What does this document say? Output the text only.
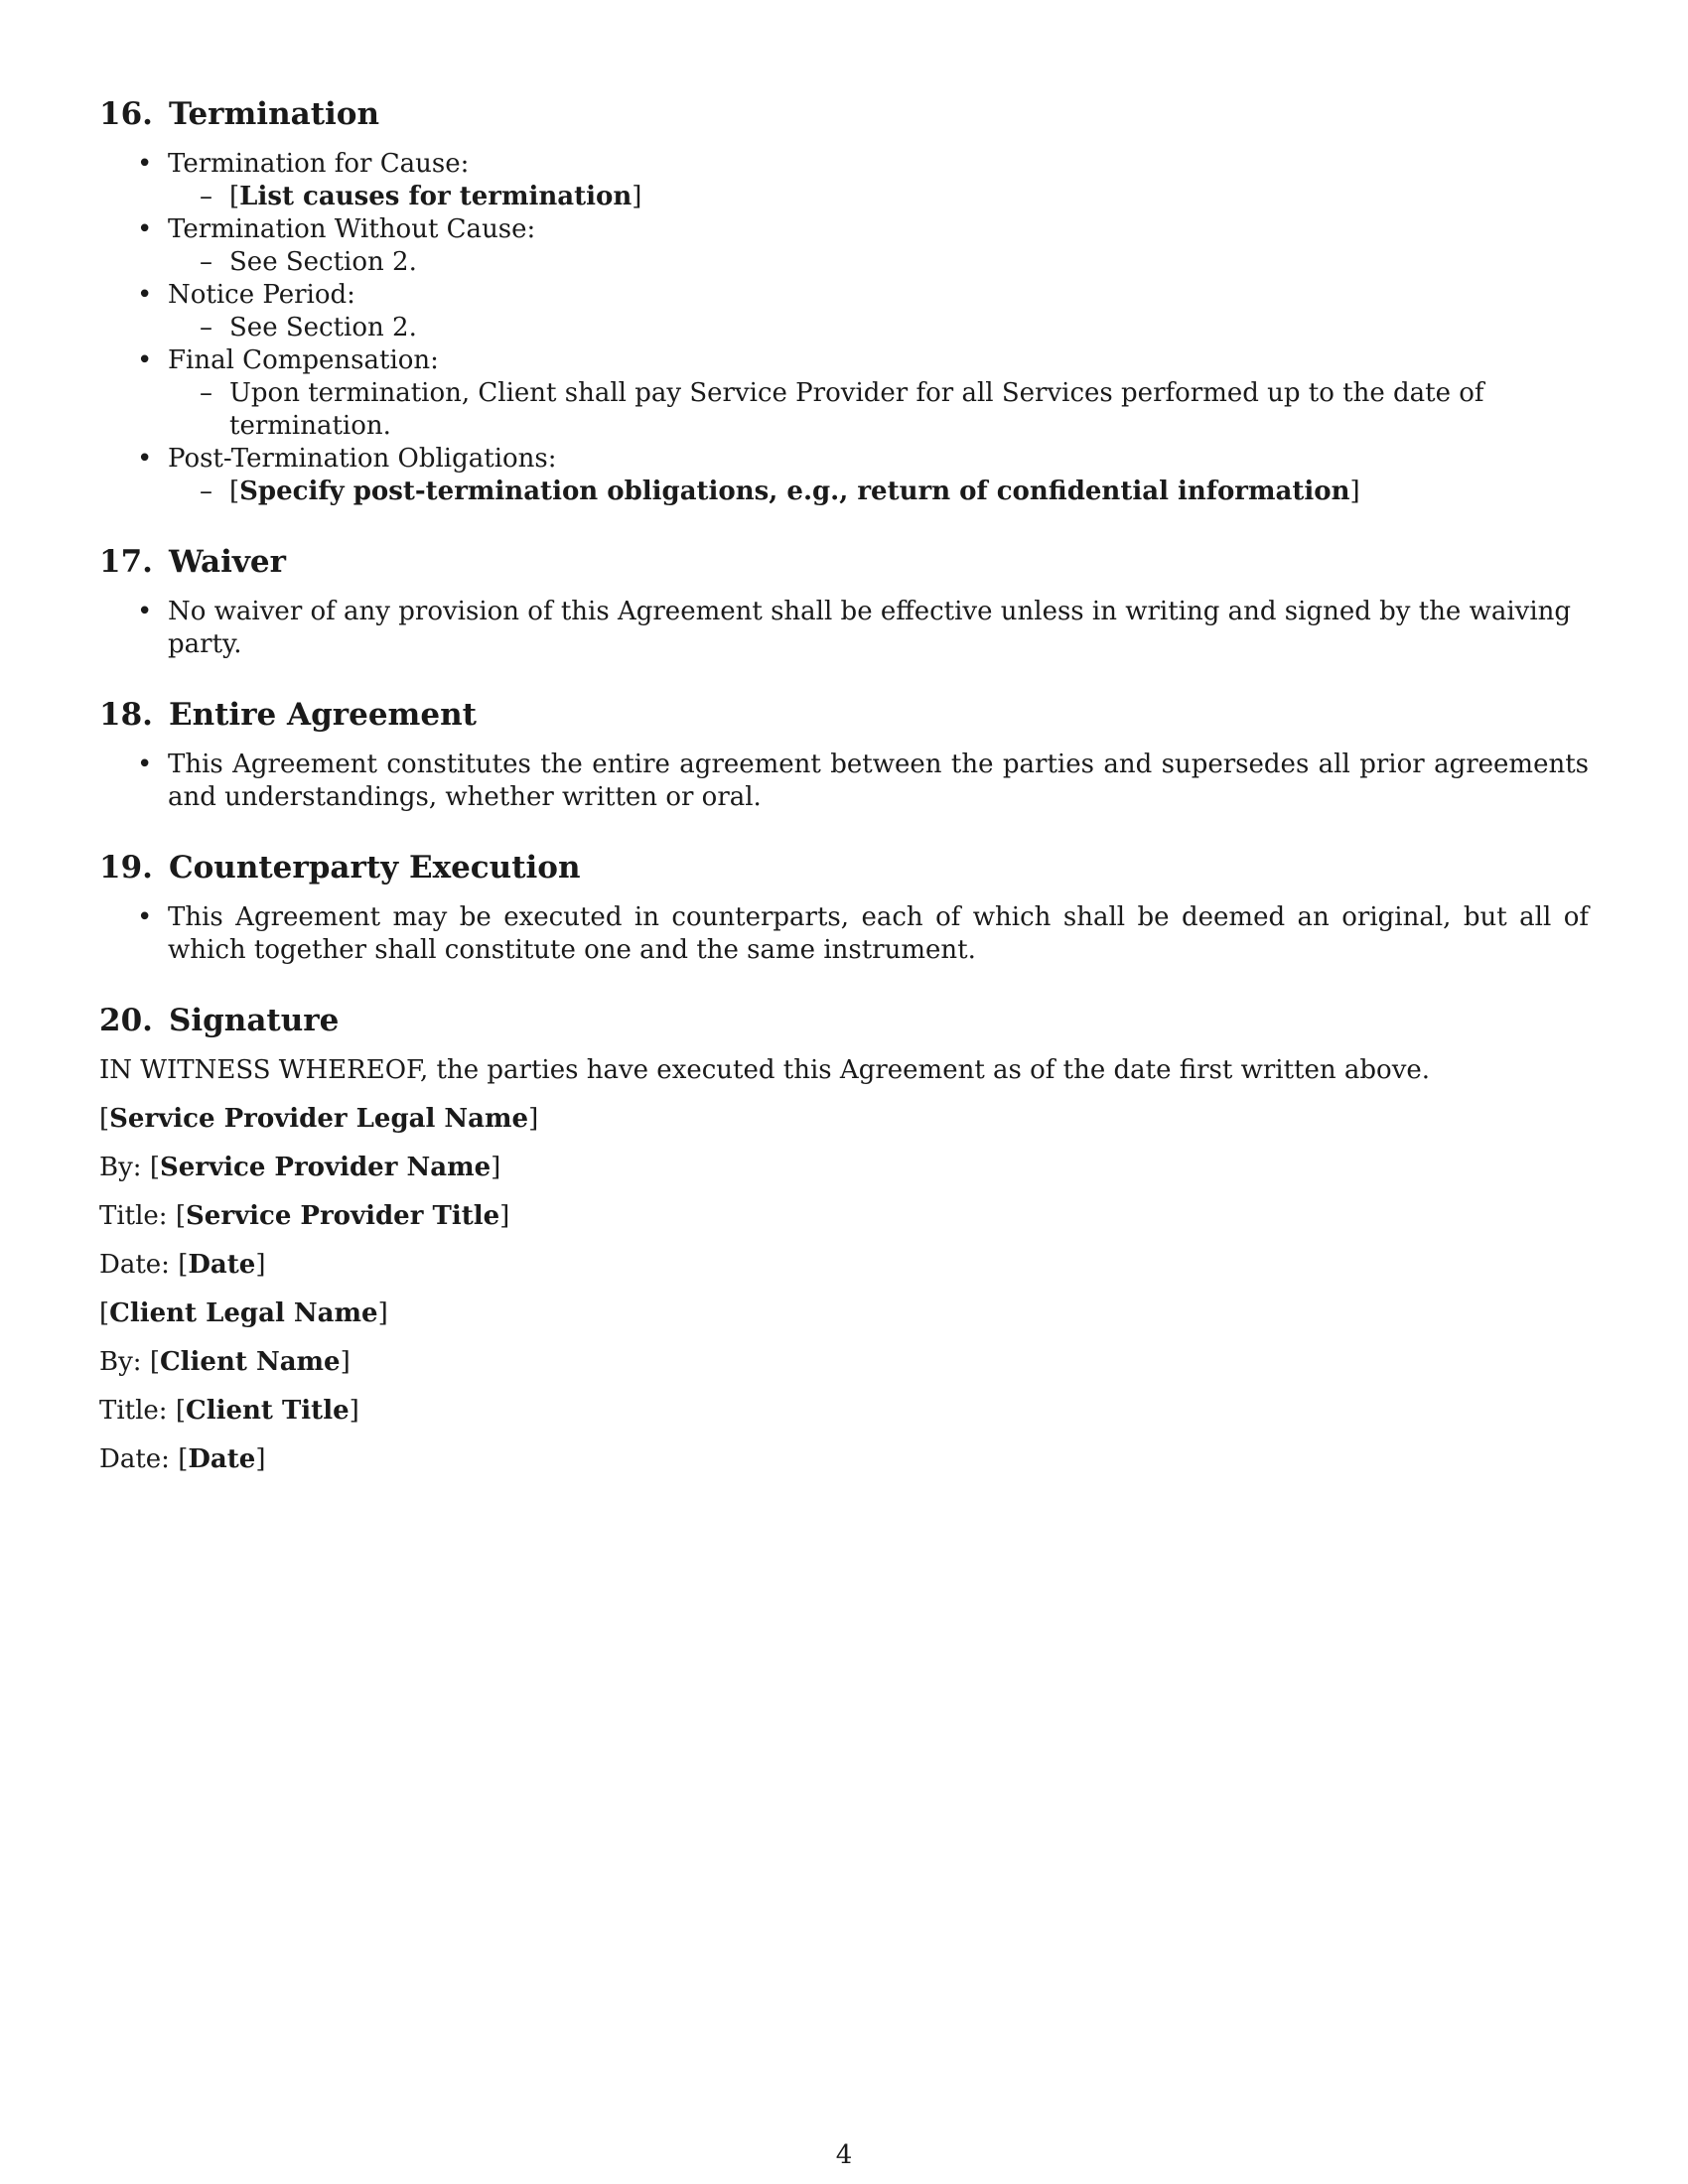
16. Termination
• Termination for Cause:
– [List causes for termination]
• Termination Without Cause:
– See Section 2.
• Notice Period:
– See Section 2.
• Final Compensation:
– Upon termination, Client shall pay Service Provider for all Services performed up to the date of termination.
• Post-Termination Obligations:
– [Specify post-termination obligations, e.g., return of confidential information]
17. Waiver
• No waiver of any provision of this Agreement shall be effective unless in writing and signed by the waiving party.
18. Entire Agreement
• This Agreement constitutes the entire agreement between the parties and supersedes all prior agreements and understandings, whether written or oral.
19. Counterparty Execution
• This Agreement may be executed in counterparts, each of which shall be deemed an original, but all of which together shall constitute one and the same instrument.
20. Signature

IN WITNESS WHEREOF, the parties have executed this Agreement as of the date first written above.

[Service Provider Legal Name]

By: [Service Provider Name]

Title: [Service Provider Title]

Date: [Date]

[Client Legal Name]

By: [Client Name]

Title: [Client Title]

Date: [Date]

4
